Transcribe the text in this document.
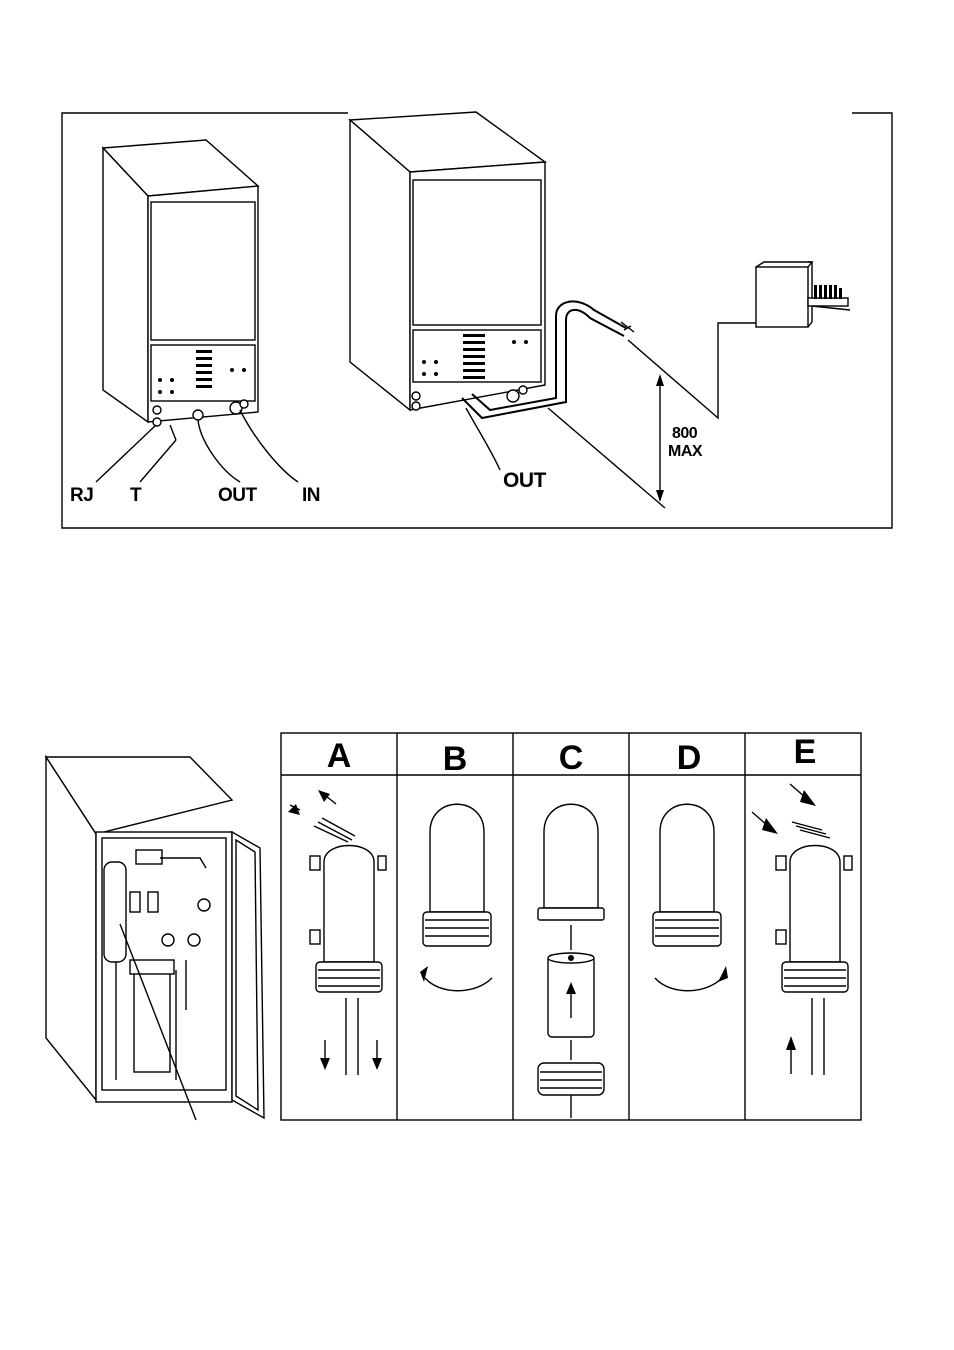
RJ T	OUT IN
OUT
800
MAX
A	B	C	D	E
